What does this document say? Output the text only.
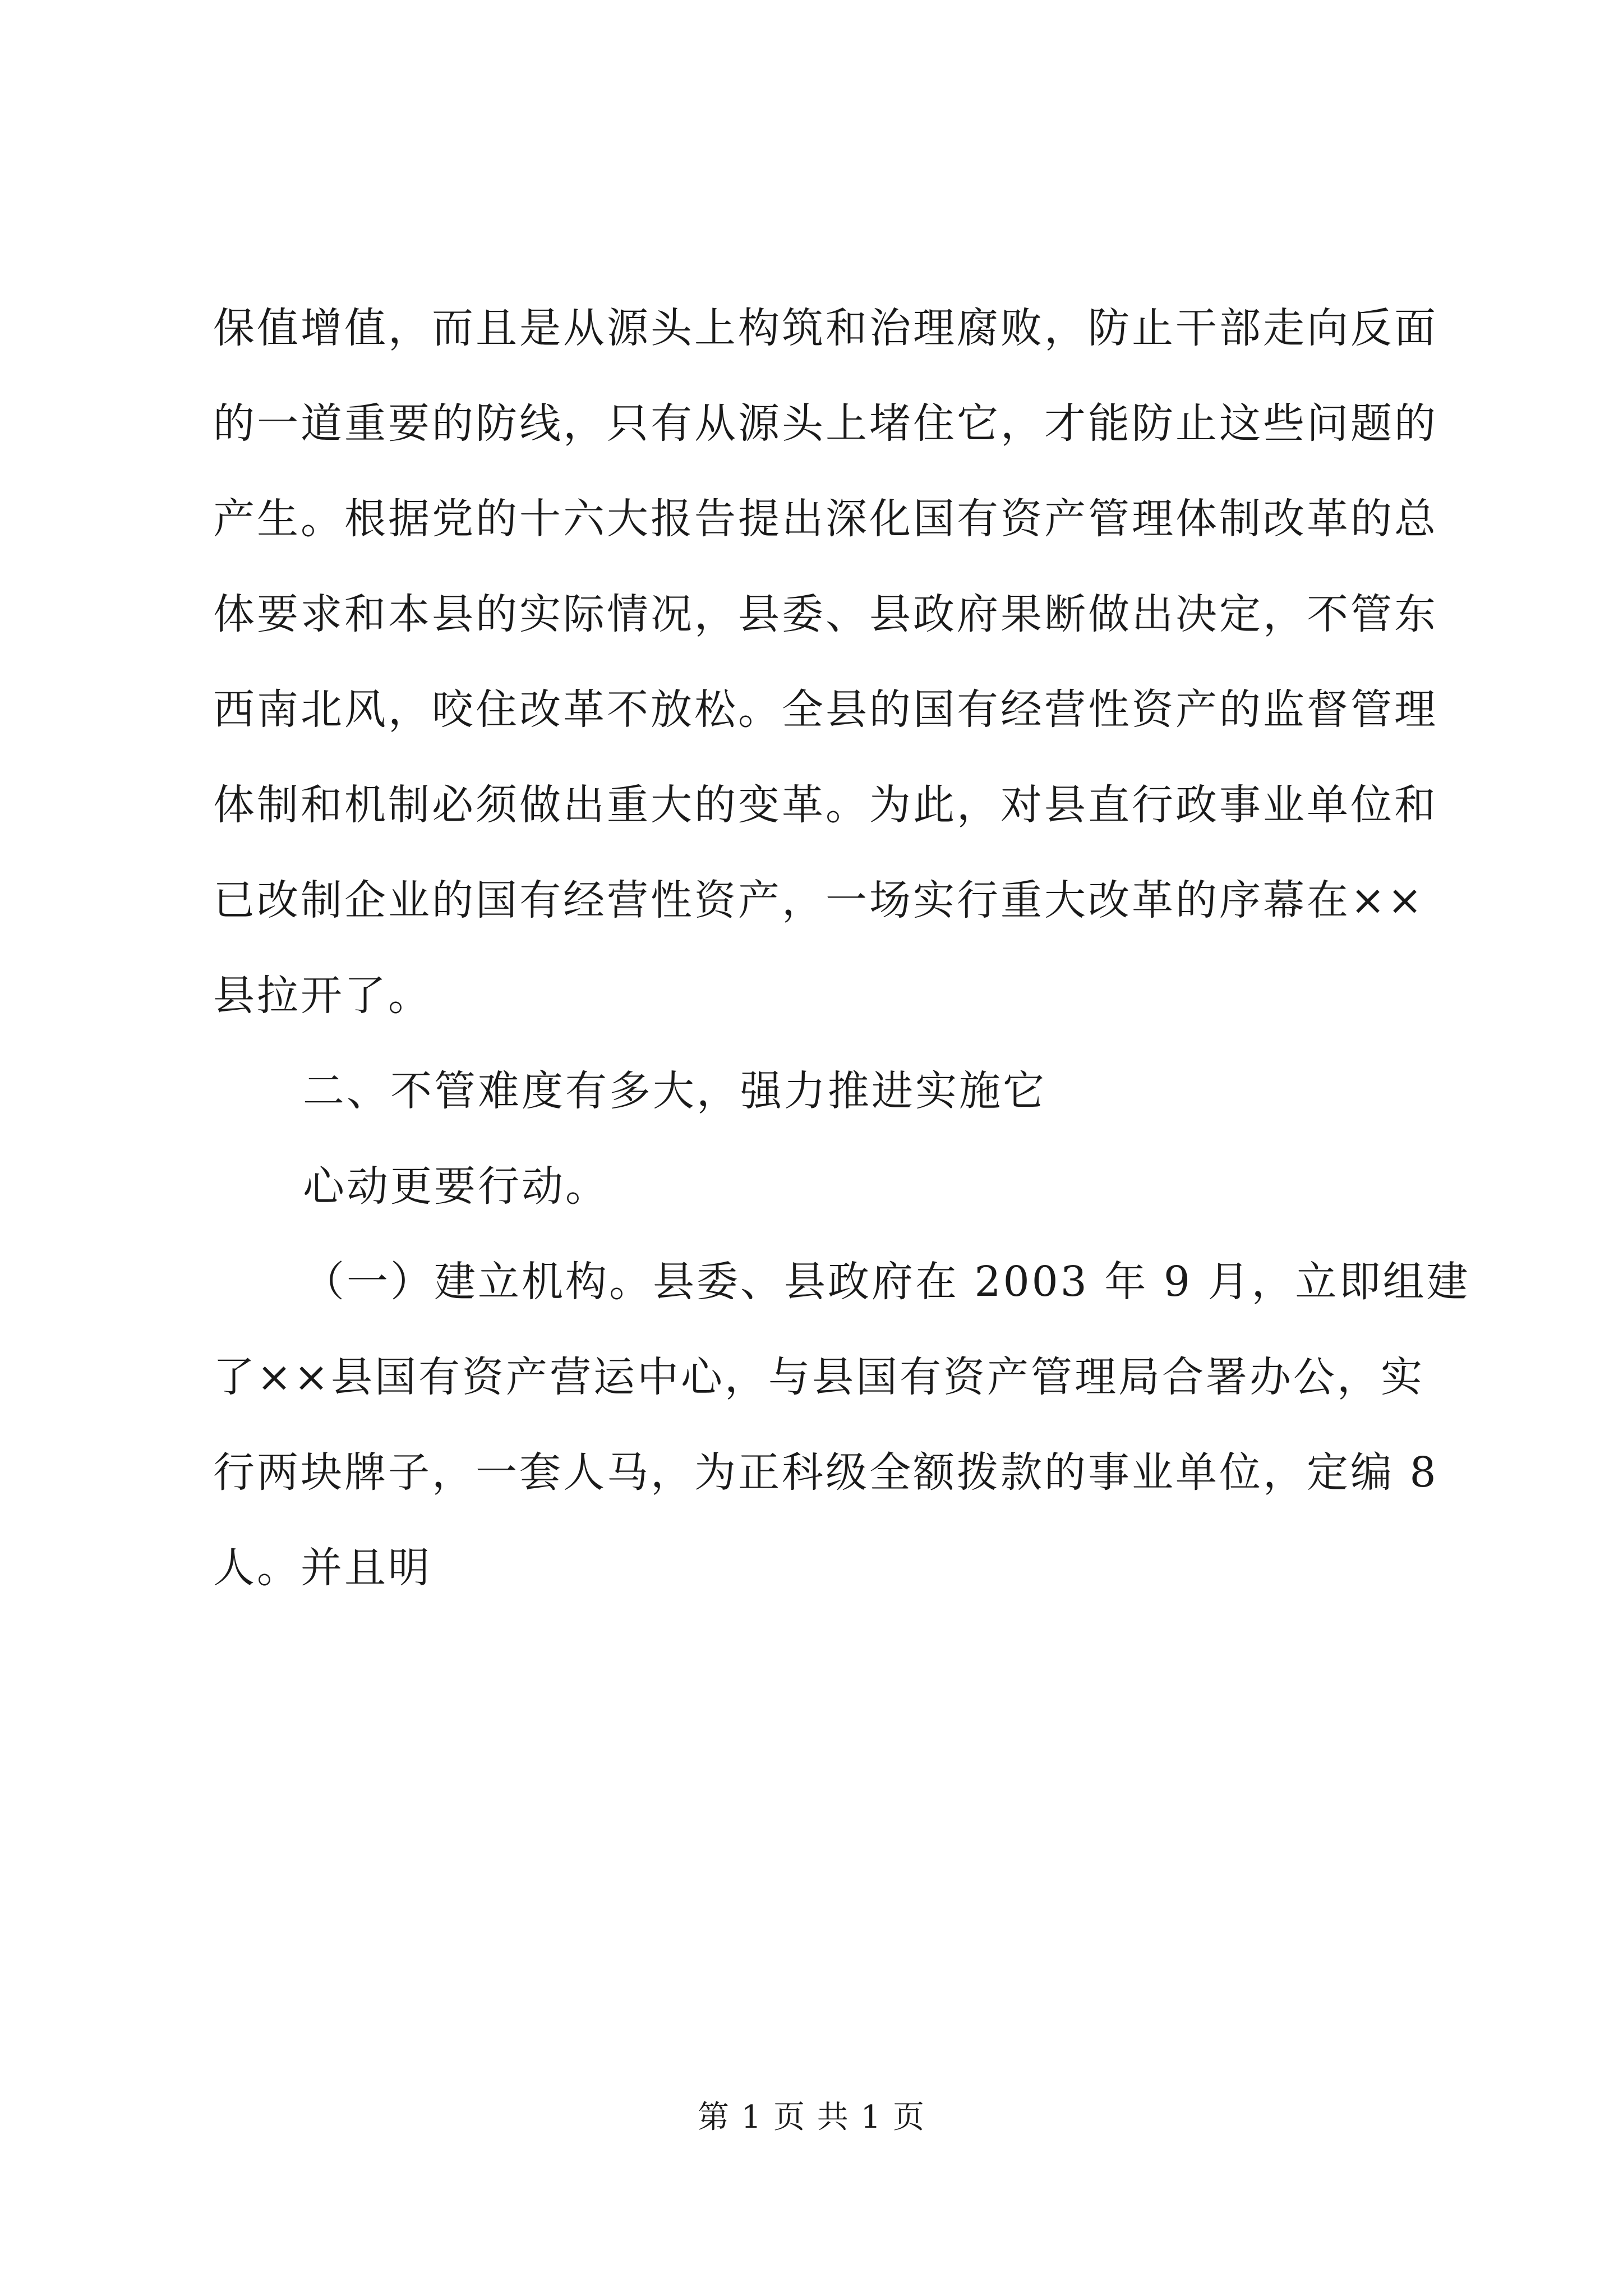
保值增值，而且是从源头上构筑和治理腐败，防止干部走向反面
的一道重要的防线，只有从源头上堵住它，才能防止这些问题的
产生。根据党的十六大报告提出深化国有资产管理体制改革的总
体要求和本县的实际情况，县委、县政府果断做出决定，不管东
西南北风，咬住改革不放松。全县的国有经营性资产的监督管理
体制和机制必须做出重大的变革。为此，对县直行政事业单位和
已改制企业的国有经营性资产，一场实行重大改革的序幕在××
县拉开了。
二、不管难度有多大，强力推进实施它
心动更要行动。
（一）建立机构。县委、县政府在 2003 年 9 月，立即组建
了××县国有资产营运中心，与县国有资产管理局合署办公，实
行两块牌子，一套人马，为正科级全额拨款的事业单位，定编 8
人。并且明
第 1 页 共 1 页
